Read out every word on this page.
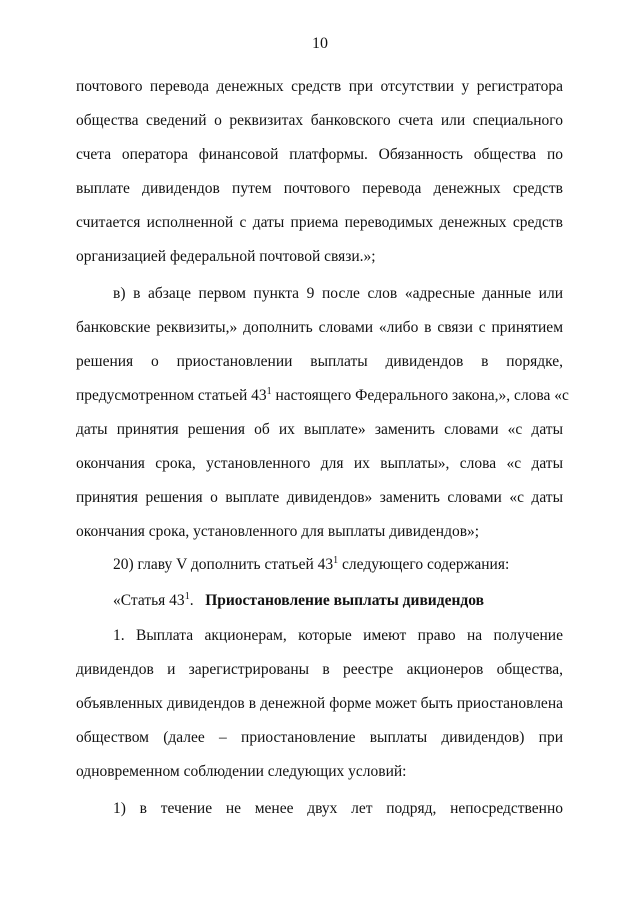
10
почтового перевода денежных средств при отсутствии у регистратора
общества сведений о реквизитах банковского счета или специального
счета оператора финансовой платформы. Обязанность общества по
выплате дивидендов путем почтового перевода денежных средств
считается исполненной с даты приема переводимых денежных средств
организацией федеральной почтовой связи.»;
в) в абзаце первом пункта 9 после слов «адресные данные или
банковские реквизиты,» дополнить словами «либо в связи с принятием
решения о приостановлении выплаты дивидендов в порядке,
предусмотренном статьей $43^1$ настоящего Федерального закона,», слова «с
даты принятия решения об их выплате» заменить словами «с даты
окончания срока, установленного для их выплаты», слова «с даты
принятия решения о выплате дивидендов» заменить словами «с даты
окончания срока, установленного для выплаты дивидендов»;
20) главу V дополнить статьей $43^1$ следующего содержания:
«Статья $43^1$. Приостановление выплаты дивидендов
1. Выплата акционерам, которые имеют право на получение
дивидендов и зарегистрированы в реестре акционеров общества,
объявленных дивидендов в денежной форме может быть приостановлена
обществом (далее – приостановление выплаты дивидендов) при
одновременном соблюдении следующих условий:
1) в течение не менее двух лет подряд, непосредственно
